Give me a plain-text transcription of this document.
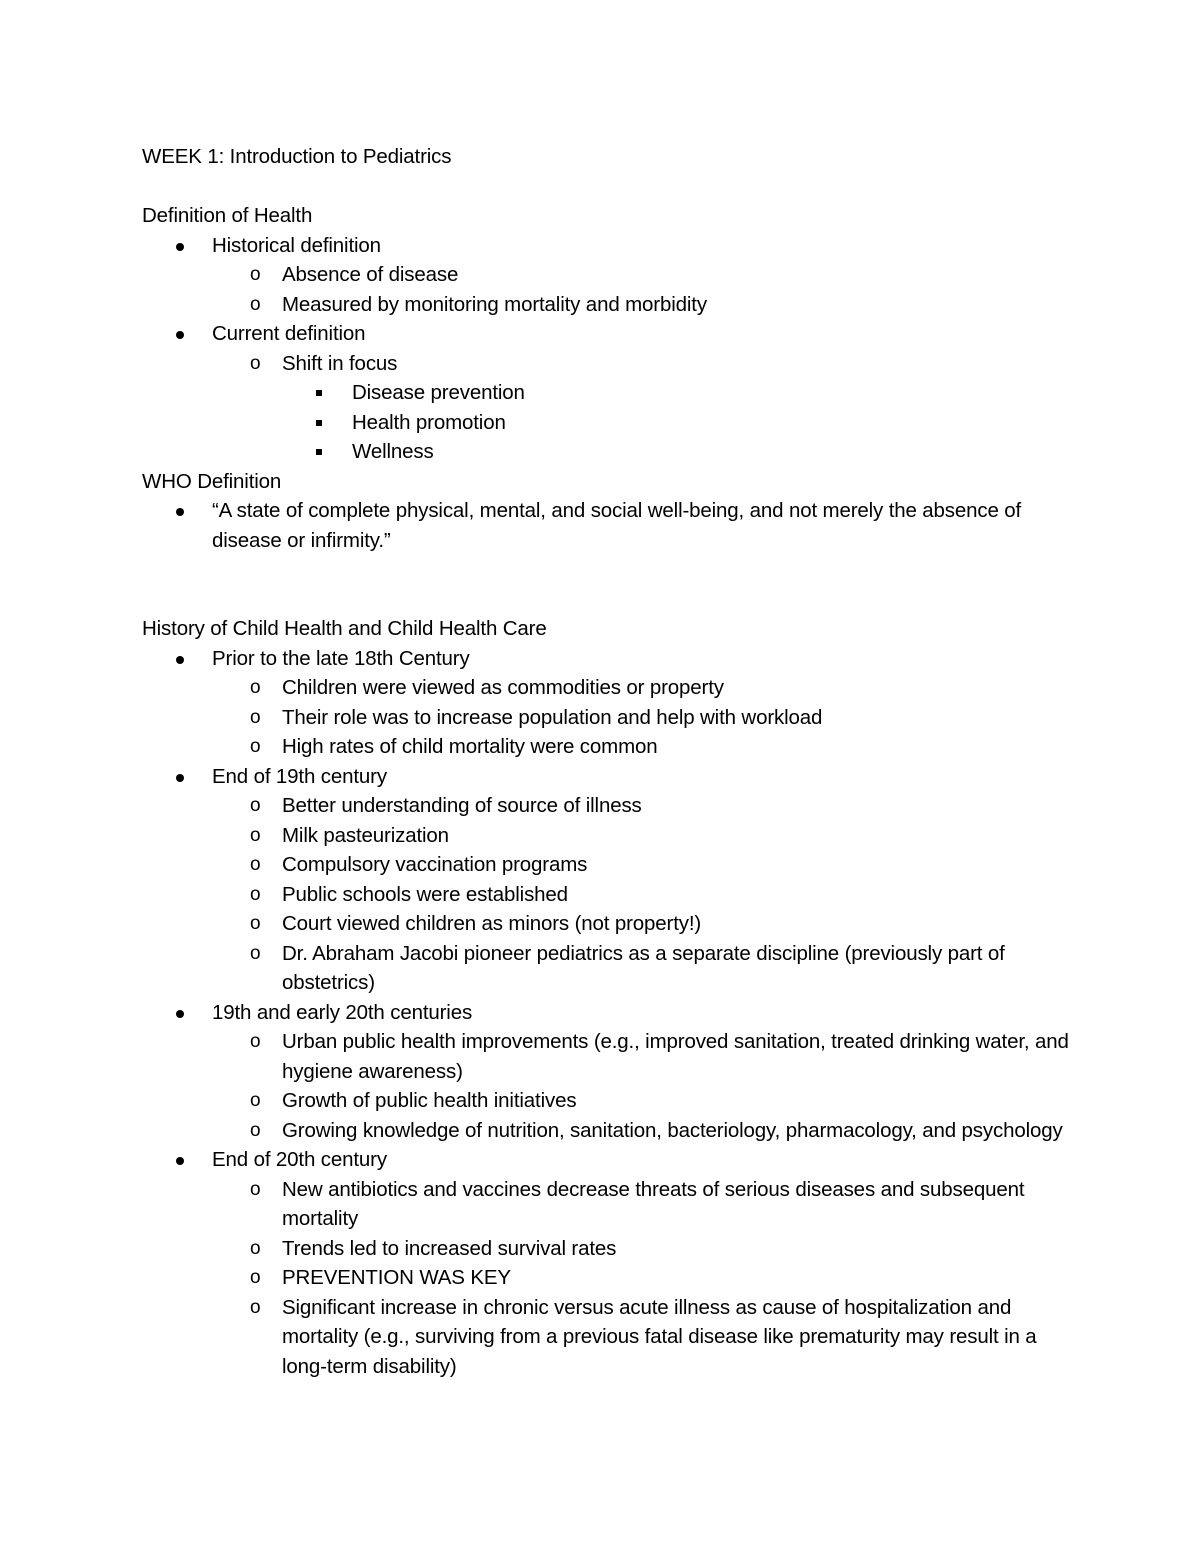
WEEK 1: Introduction to Pediatrics

Definition of Health

Historical definition
o Absence of disease
o Measured by monitoring mortality and morbidity
Current definition
o Shift in focus
Disease prevention
Health promotion
Wellness

WHO Definition

“A state of complete physical, mental, and social well-being, and not merely the absence of disease or infirmity.”

History of Child Health and Child Health Care

Prior to the late 18th Century
o Children were viewed as commodities or property
o Their role was to increase population and help with workload
o High rates of child mortality were common
End of 19th century
o Better understanding of source of illness
o Milk pasteurization
o Compulsory vaccination programs
o Public schools were established
o Court viewed children as minors (not property!)
o Dr. Abraham Jacobi pioneer pediatrics as a separate discipline (previously part of obstetrics)
19th and early 20th centuries
o Urban public health improvements (e.g., improved sanitation, treated drinking water, and hygiene awareness)
o Growth of public health initiatives
o Growing knowledge of nutrition, sanitation, bacteriology, pharmacology, and psychology
End of 20th century
o New antibiotics and vaccines decrease threats of serious diseases and subsequent mortality
o Trends led to increased survival rates
o PREVENTION WAS KEY
o Significant increase in chronic versus acute illness as cause of hospitalization and mortality (e.g., surviving from a previous fatal disease like prematurity may result in a long-term disability)
